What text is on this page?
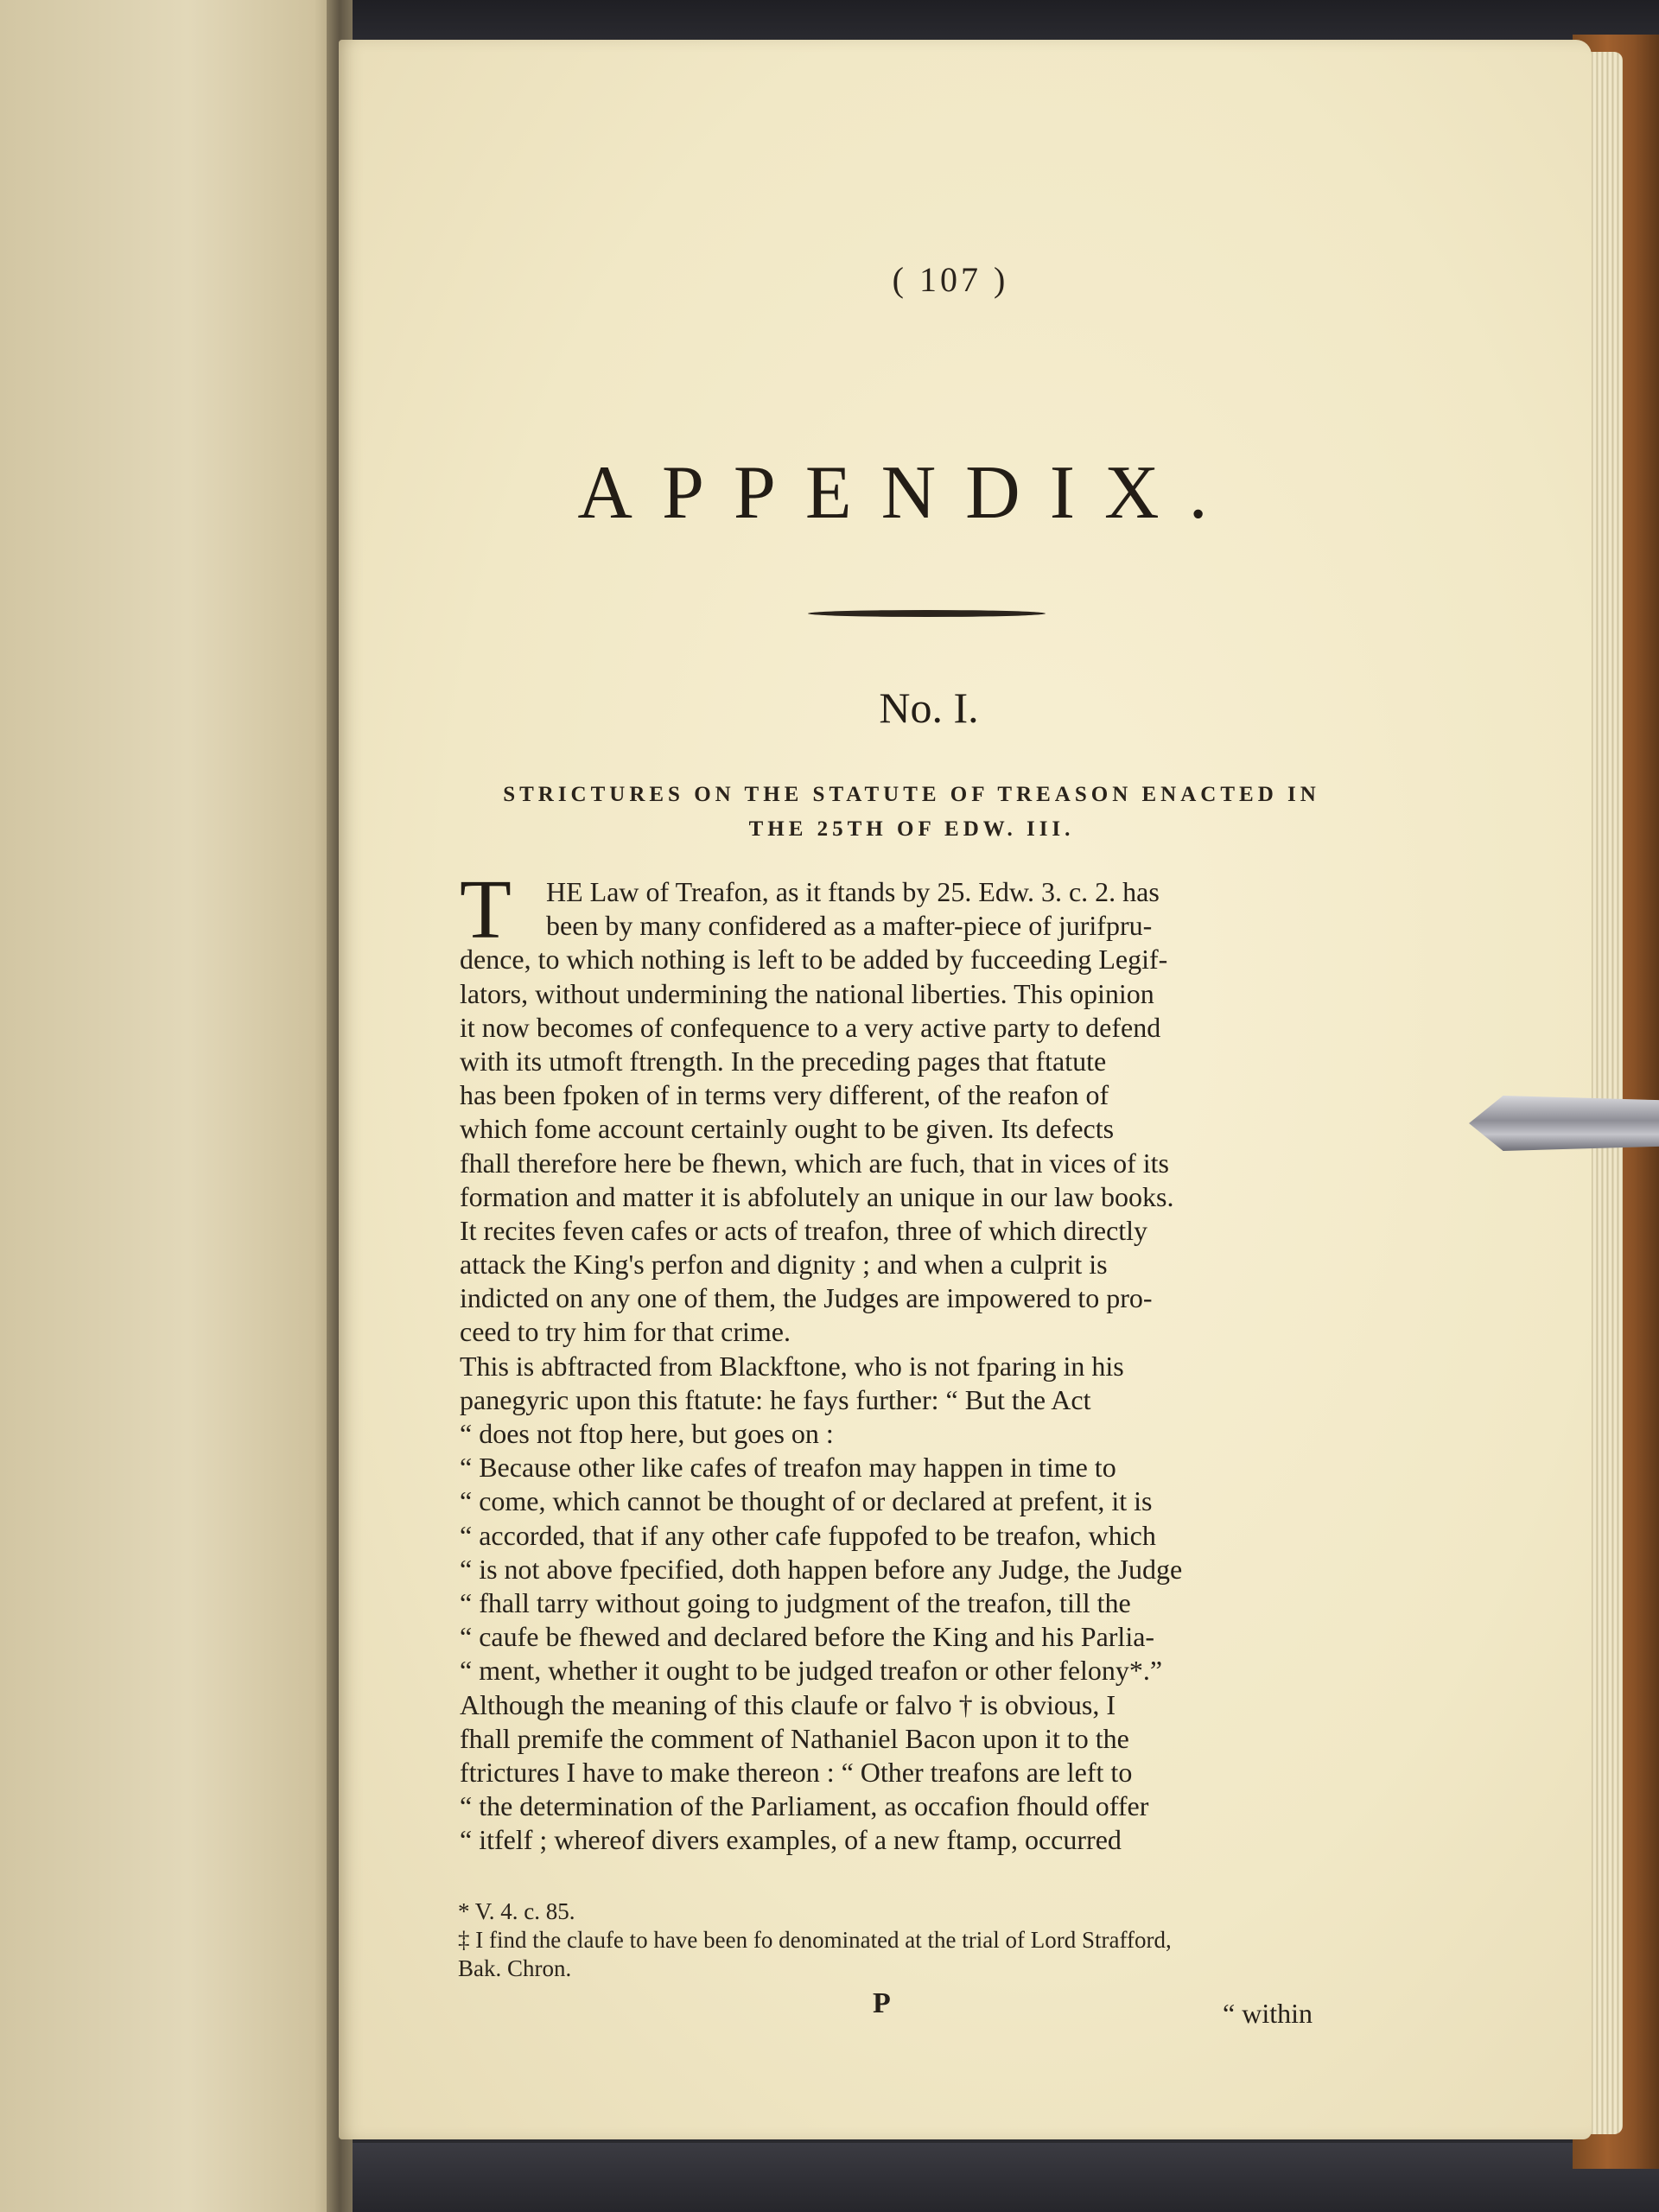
( 107 )
APPENDIX.
No. I.
STRICTURES ON THE STATUTE OF TREASON ENACTED IN
THE 25TH OF EDW. III.
T	HE Law of Treafon, as it ftands by 25. Edw. 3. c. 2. has
been by many confidered as a mafter-piece of jurifpru-
dence, to which nothing is left to be added by fucceeding Legif-
lators, without undermining the national liberties. This opinion
it now becomes of confequence to a very active party to defend
with its utmoft ftrength. In the preceding pages that ftatute
has been fpoken of in terms very different, of the reafon of
which fome account certainly ought to be given. Its defects
fhall therefore here be fhewn, which are fuch, that in vices of its
formation and matter it is abfolutely an unique in our law books.
It recites feven cafes or acts of treafon, three of which directly
attack the King's perfon and dignity ; and when a culprit is
indicted on any one of them, the Judges are impowered to pro-
ceed to try him for that crime.
This is abftracted from Blackftone, who is not fparing in his
panegyric upon this ftatute: he fays further: “ But the Act
“ does not ftop here, but goes on :
“ Because other like cafes of treafon may happen in time to
“ come, which cannot be thought of or declared at prefent, it is
“ accorded, that if any other cafe fuppofed to be treafon, which
“ is not above fpecified, doth happen before any Judge, the Judge
“ fhall tarry without going to judgment of the treafon, till the
“ caufe be fhewed and declared before the King and his Parlia-
“ ment, whether it ought to be judged treafon or other felony*.”
Although the meaning of this claufe or falvo † is obvious, I
fhall premife the comment of Nathaniel Bacon upon it to the
ftrictures I have to make thereon : “ Other treafons are left to
“ the determination of the Parliament, as occafion fhould offer
“ itfelf ; whereof divers examples, of a new ftamp, occurred
* V. 4. c. 85.
‡ I find the claufe to have been fo denominated at the trial of Lord Strafford,
Bak. Chron.
P	“ within
